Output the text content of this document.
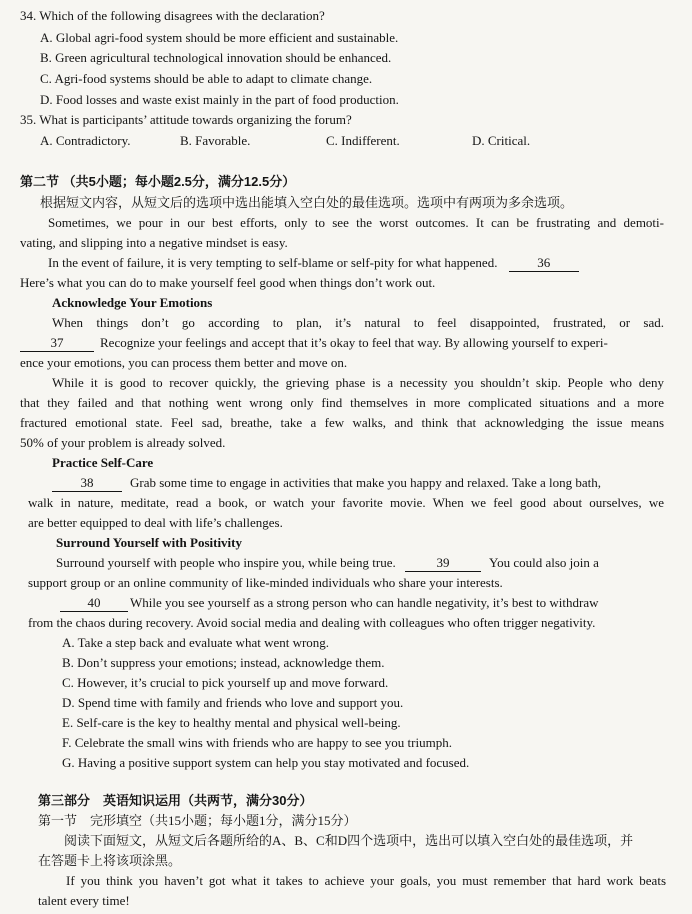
34. Which of the following disagrees with the declaration?
A. Global agri-food system should be more efficient and sustainable.
B. Green agricultural technological innovation should be enhanced.
C. Agri-food systems should be able to adapt to climate change.
D. Food losses and waste exist mainly in the part of food production.
35. What is participants’ attitude towards organizing the forum?
A. Contradictory.	B. Favorable.	C. Indifferent.	D. Critical.
第二节 （共5小题；每小题2.5分，满分12.5分）
根据短文内容，从短文后的选项中选出能填入空白处的最佳选项。选项中有两项为多余选项。
Sometimes, we pour in our best efforts, only to see the worst outcomes. It can be frustrating and demoti-
vating, and slipping into a negative mindset is easy.
In the event of failure, it is very tempting to self-blame or self-pity for what happened.	36
Here’s what you can do to make yourself feel good when things don’t work out.
Acknowledge Your Emotions
When things don’t go according to plan, it’s natural to feel disappointed, frustrated, or sad.
37	Recognize your feelings and accept that it’s okay to feel that way. By allowing yourself to experi-
ence your emotions, you can process them better and move on.
While it is good to recover quickly, the grieving phase is a necessity you shouldn’t skip. People who deny
that they failed and that nothing went wrong only find themselves in more complicated situations and a more
fractured emotional state. Feel sad, breathe, take a few walks, and think that acknowledging the issue means
50% of your problem is already solved.
Practice Self-Care
38	Grab some time to engage in activities that make you happy and relaxed. Take a long bath,
walk in nature, meditate, read a book, or watch your favorite movie. When we feel good about ourselves, we
are better equipped to deal with life’s challenges.
Surround Yourself with Positivity
Surround yourself with people who inspire you, while being true.	39	You could also join a
support group or an online community of like-minded individuals who share your interests.
40 While you see yourself as a strong person who can handle negativity, it’s best to withdraw
from the chaos during recovery. Avoid social media and dealing with colleagues who often trigger negativity.
A. Take a step back and evaluate what went wrong.
B. Don’t suppress your emotions; instead, acknowledge them.
C. However, it’s crucial to pick yourself up and move forward.
D. Spend time with family and friends who love and support you.
E. Self-care is the key to healthy mental and physical well-being.
F. Celebrate the small wins with friends who are happy to see you triumph.
G. Having a positive support system can help you stay motivated and focused.
第三部分　英语知识运用（共两节，满分30分）
第一节　完形填空（共15小题；每小题1分，满分15分）
阅读下面短文，从短文后各题所给的A、B、C和D四个选项中，选出可以填入空白处的最佳选项，并
在答题卡上将该项涂黑。
If you think you haven’t got what it takes to achieve your goals, you must remember that hard work beats
talent every time!
